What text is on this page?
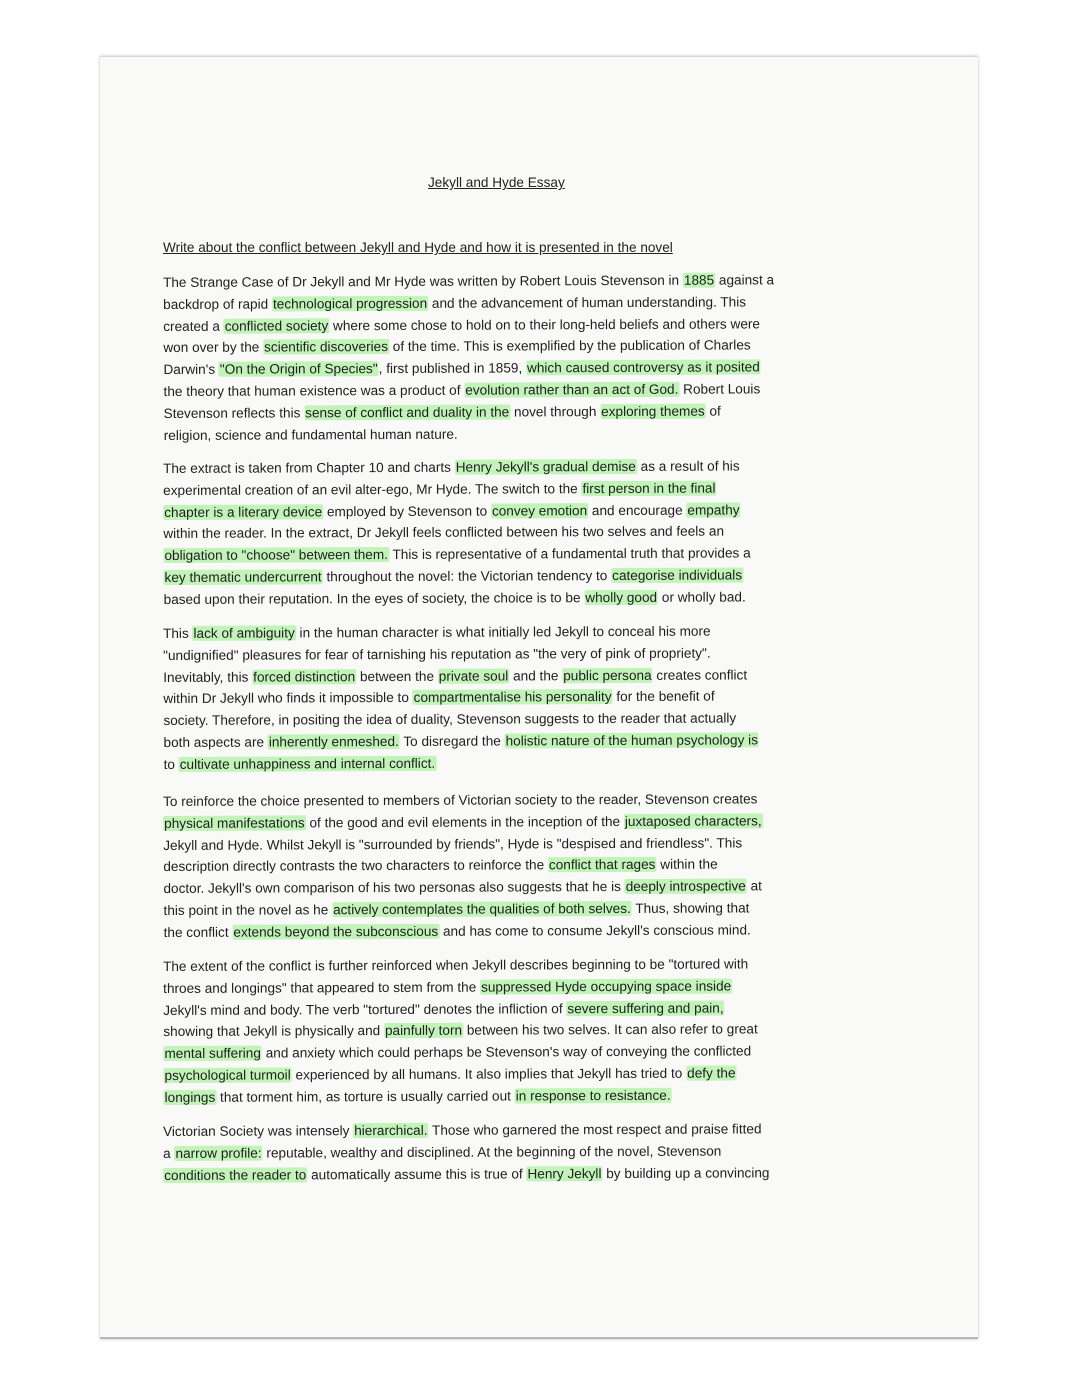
Jekyll and Hyde Essay
Write about the conflict between Jekyll and Hyde and how it is presented in the novel
The Strange Case of Dr Jekyll and Mr Hyde was written by Robert Louis Stevenson in 1885 against a
backdrop of rapid technological progression and the advancement of human understanding. This
created a conflicted society where some chose to hold on to their long-held beliefs and others were
won over by the scientific discoveries of the time. This is exemplified by the publication of Charles
Darwin's "On the Origin of Species", first published in 1859, which caused controversy as it posited
the theory that human existence was a product of evolution rather than an act of God. Robert Louis
Stevenson reflects this sense of conflict and duality in the novel through exploring themes of
religion, science and fundamental human nature.
The extract is taken from Chapter 10 and charts Henry Jekyll's gradual demise as a result of his
experimental creation of an evil alter-ego, Mr Hyde. The switch to the first person in the final
chapter is a literary device employed by Stevenson to convey emotion and encourage empathy
within the reader. In the extract, Dr Jekyll feels conflicted between his two selves and feels an
obligation to "choose" between them. This is representative of a fundamental truth that provides a
key thematic undercurrent throughout the novel: the Victorian tendency to categorise individuals
based upon their reputation. In the eyes of society, the choice is to be wholly good or wholly bad.
This lack of ambiguity in the human character is what initially led Jekyll to conceal his more
"undignified" pleasures for fear of tarnishing his reputation as "the very of pink of propriety".
Inevitably, this forced distinction between the private soul and the public persona creates conflict
within Dr Jekyll who finds it impossible to compartmentalise his personality for the benefit of
society. Therefore, in positing the idea of duality, Stevenson suggests to the reader that actually
both aspects are inherently enmeshed. To disregard the holistic nature of the human psychology is
to cultivate unhappiness and internal conflict.
To reinforce the choice presented to members of Victorian society to the reader, Stevenson creates
physical manifestations of the good and evil elements in the inception of the juxtaposed characters,
Jekyll and Hyde. Whilst Jekyll is "surrounded by friends", Hyde is "despised and friendless". This
description directly contrasts the two characters to reinforce the conflict that rages within the
doctor. Jekyll's own comparison of his two personas also suggests that he is deeply introspective at
this point in the novel as he actively contemplates the qualities of both selves. Thus, showing that
the conflict extends beyond the subconscious and has come to consume Jekyll's conscious mind.
The extent of the conflict is further reinforced when Jekyll describes beginning to be "tortured with
throes and longings" that appeared to stem from the suppressed Hyde occupying space inside
Jekyll's mind and body. The verb "tortured" denotes the infliction of severe suffering and pain,
showing that Jekyll is physically and painfully torn between his two selves. It can also refer to great
mental suffering and anxiety which could perhaps be Stevenson's way of conveying the conflicted
psychological turmoil experienced by all humans. It also implies that Jekyll has tried to defy the
longings that torment him, as torture is usually carried out in response to resistance.
Victorian Society was intensely hierarchical. Those who garnered the most respect and praise fitted
a narrow profile: reputable, wealthy and disciplined. At the beginning of the novel, Stevenson
conditions the reader to automatically assume this is true of Henry Jekyll by building up a convincing
